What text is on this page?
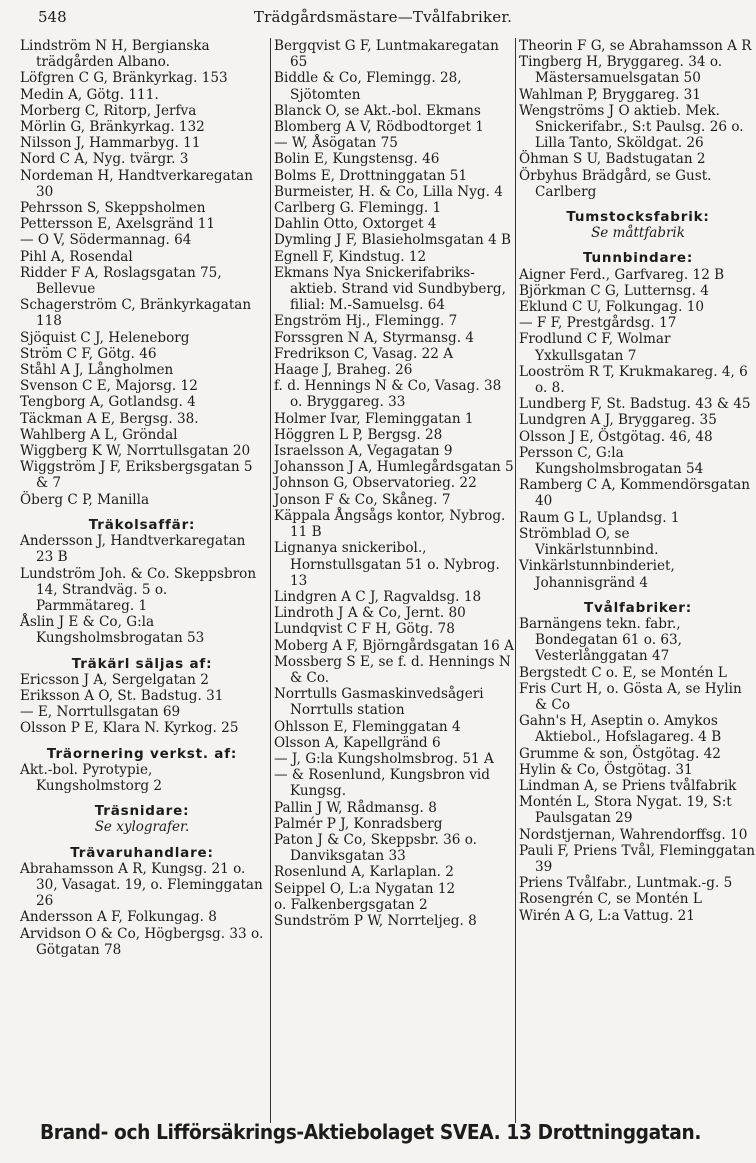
548	Trädgårdsmästare—Tvålfabriker.
Lindström N H, Bergianska trädgården Albano.
Löfgren C G, Bränkyrkag. 153
Medin A, Götg. 111.
Morberg C, Ritorp, Jerfva
Mörlin G, Bränkyrkag. 132
Nilsson J, Hammarbyg. 11
Nord C A, Nyg. tvärgr. 3
Nordeman H, Handtverkaregatan 30
Pehrsson S, Skeppsholmen
Pettersson E, Axelsgränd 11
— O V, Södermannag. 64
Pihl A, Rosendal
Ridder F A, Roslagsgatan 75, Bellevue
Schagerström C, Bränkyrkagatan 118
Sjöquist C J, Heleneborg
Ström C F, Götg. 46
Ståhl A J, Långholmen
Svenson C E, Majorsg. 12
Tengborg A, Gotlandsg. 4
Täckman A E, Bergsg. 38.
Wahlberg A L, Gröndal
Wiggberg K W, Norrtullsgatan 20
Wiggström J F, Eriksbergsgatan 5 & 7
Öberg C P, Manilla
Träkolsaffär:
Andersson J, Handtverkaregatan 23 B
Lundström Joh. & Co. Skeppsbron 14, Strandväg. 5 o. Parmmätareg. 1
Åslin J E & Co, G:la Kungsholmsbrogatan 53
Träkärl säljas af:
Ericsson J A, Sergelgatan 2
Eriksson A O, St. Badstug. 31
— E, Norrtullsgatan 69
Olsson P E, Klara N. Kyrkog. 25
Träornering verkst. af:
Akt.-bol. Pyrotypie, Kungsholmstorg 2
Träsnidare:
Se xylografer.
Trävaruhandlare:
Abrahamsson A R, Kungsg. 21 o. 30, Vasagat. 19, o. Fleminggatan 26
Andersson A F, Folkungag. 8
Arvidson O & Co, Högbergsg. 33 o. Götgatan 78
Bergqvist G F, Luntmakaregatan 65
Biddle & Co, Flemingg. 28, Sjötomten
Blanck O, se Akt.-bol. Ekmans
Blomberg A V, Rödbodtorget 1
— W, Åsögatan 75
Bolin E, Kungstensg. 46
Bolms E, Drottninggatan 51
Burmeister, H. & Co, Lilla Nyg. 4
Carlberg G. Flemingg. 1
Dahlin Otto, Oxtorget 4
Dymling J F, Blasieholmsgatan 4 B
Egnell F, Kindstug. 12
Ekmans Nya Snickerifabriks-aktieb. Strand vid Sundbyberg, filial: M.-Samuelsg. 64
Engström Hj., Flemingg. 7
Forssgren N A, Styrmansg. 4
Fredrikson C, Vasag. 22 A
Haage J, Braheg. 26
f. d. Hennings N & Co, Vasag. 38 o. Bryggareg. 33
Holmer Ivar, Fleminggatan 1
Höggren L P, Bergsg. 28
Israelsson A, Vegagatan 9
Johansson J A, Humlegårdsgatan 5
Johnson G, Observatorieg. 22
Jonson F & Co, Skåneg. 7
Käppala Ångsågs kontor, Nybrog. 11 B
Lignanya snickeribol., Hornstullsgatan 51 o. Nybrog. 13
Lindgren A C J, Ragvaldsg. 18
Lindroth J A & Co, Jernt. 80
Lundqvist C F H, Götg. 78
Moberg A F, Björngårdsgatan 16 A
Mossberg S E, se f. d. Hennings N & Co.
Norrtulls Gasmaskinvedsågeri Norrtulls station
Ohlsson E, Fleminggatan 4
Olsson A, Kapellgränd 6
— J, G:la Kungsholmsbrog. 51 A
— & Rosenlund, Kungsbron vid Kungsg.
Pallin J W, Rådmansg. 8
Palmér P J, Konradsberg
Paton J & Co, Skeppsbr. 36 o. Danviksgatan 33
Rosenlund A, Karlaplan. 2
Seippel O, L:a Nygatan 12
o. Falkenbergsgatan 2
Sundström P W, Norrteljeg. 8
Theorin F G, se Abrahamsson A R
Tingberg H, Bryggareg. 34 o. Mästersamuelsgatan 50
Wahlman P, Bryggareg. 31
Wengströms J O aktieb. Mek. Snickerifabr., S:t Paulsg. 26 o. Lilla Tanto, Sköldgat. 26
Öhman S U, Badstugatan 2
Örbyhus Brädgård, se Gust. Carlberg
Tumstocksfabrik:
Se måttfabrik
Tunnbindare:
Aigner Ferd., Garfvareg. 12 B
Björkman C G, Lutternsg. 4
Eklund C U, Folkungag. 10
— F F, Prestgårdsg. 17
Frodlund C F, Wolmar Yxkullsgatan 7
Looström R T, Krukmakareg. 4, 6 o. 8.
Lundberg F, St. Badstug. 43 & 45
Lundgren A J, Bryggareg. 35
Olsson J E, Östgötag. 46, 48
Persson C, G:la Kungsholmsbrogatan 54
Ramberg C A, Kommendörsgatan 40
Raum G L, Uplandsg. 1
Strömblad O, se Vinkärlstunnbind.
Vinkärlstunnbinderiet, Johannisgränd 4
Tvålfabriker:
Barnängens tekn. fabr., Bondegatan 61 o. 63, Vesterlånggatan 47
Bergstedt C o. E, se Montén L
Fris Curt H, o. Gösta A, se Hylin & Co
Gahn's H, Aseptin o. Amykos Aktiebol., Hofslagareg. 4 B
Grumme & son, Östgötag. 42
Hylin & Co, Östgötag. 31
Lindman A, se Priens tvålfabrik
Montén L, Stora Nygat. 19, S:t Paulsgatan 29
Nordstjernan, Wahrendorffsg. 10
Pauli F, Priens Tvål, Fleminggatan 39
Priens Tvålfabr., Luntmak.-g. 5
Rosengrén C, se Montén L
Wirén A G, L:a Vattug. 21
Brand- och Lifförsäkrings-Aktiebolaget SVEA. 13 Drottninggatan.
